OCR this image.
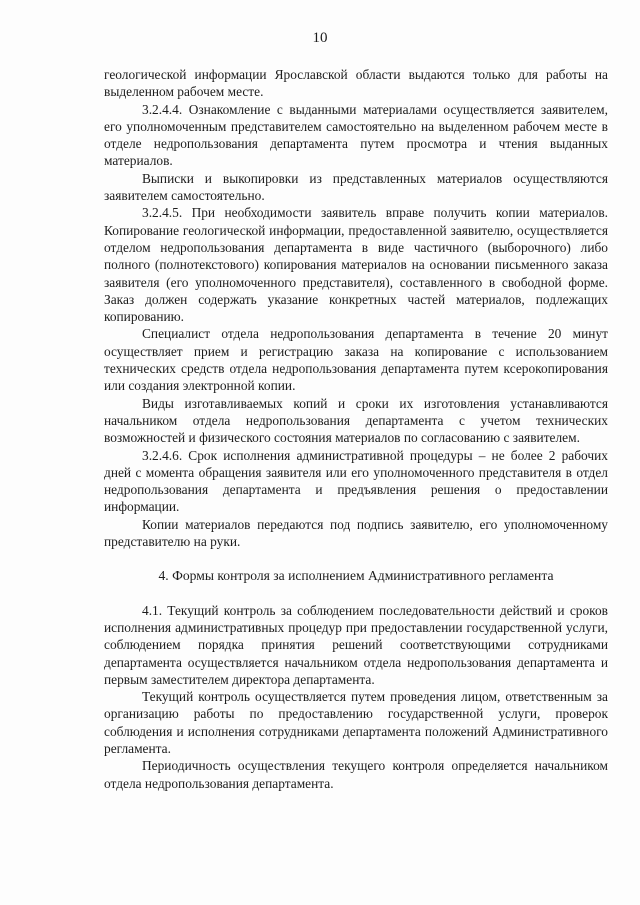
10

геологической информации Ярославской области выдаются только для работы на выделенном рабочем месте.

3.2.4.4. Ознакомление с выданными материалами осуществляется заявителем, его уполномоченным представителем самостоятельно на выделенном рабочем месте в отделе недропользования департамента путем просмотра и чтения выданных материалов.

Выписки и выкопировки из представленных материалов осуществляются заявителем самостоятельно.

3.2.4.5. При необходимости заявитель вправе получить копии материалов. Копирование геологической информации, предоставленной заявителю, осуществляется отделом недропользования департамента в виде частичного (выборочного) либо полного (полнотекстового) копирования материалов на основании письменного заказа заявителя (его уполномоченного представителя), составленного в свободной форме. Заказ должен содержать указание конкретных частей материалов, подлежащих копированию.

Специалист отдела недропользования департамента в течение 20 минут осуществляет прием и регистрацию заказа на копирование с использованием технических средств отдела недропользования департамента путем ксерокопирования или создания электронной копии.

Виды изготавливаемых копий и сроки их изготовления устанавливаются начальником отдела недропользования департамента с учетом технических возможностей и физического состояния материалов по согласованию с заявителем.

3.2.4.6. Срок исполнения административной процедуры – не более 2 рабочих дней с момента обращения заявителя или его уполномоченного представителя в отдел недропользования департамента и предъявления решения о предоставлении информации.

Копии материалов передаются под подпись заявителю, его уполномоченному представителю на руки.

4. Формы контроля за исполнением Административного регламента

4.1. Текущий контроль за соблюдением последовательности действий и сроков исполнения административных процедур при предоставлении государственной услуги, соблюдением порядка принятия решений соответствующими сотрудниками департамента осуществляется начальником отдела недропользования департамента и первым заместителем директора департамента.

Текущий контроль осуществляется путем проведения лицом, ответственным за организацию работы по предоставлению государственной услуги, проверок соблюдения и исполнения сотрудниками департамента положений Административного регламента.

Периодичность осуществления текущего контроля определяется начальником отдела недропользования департамента.
